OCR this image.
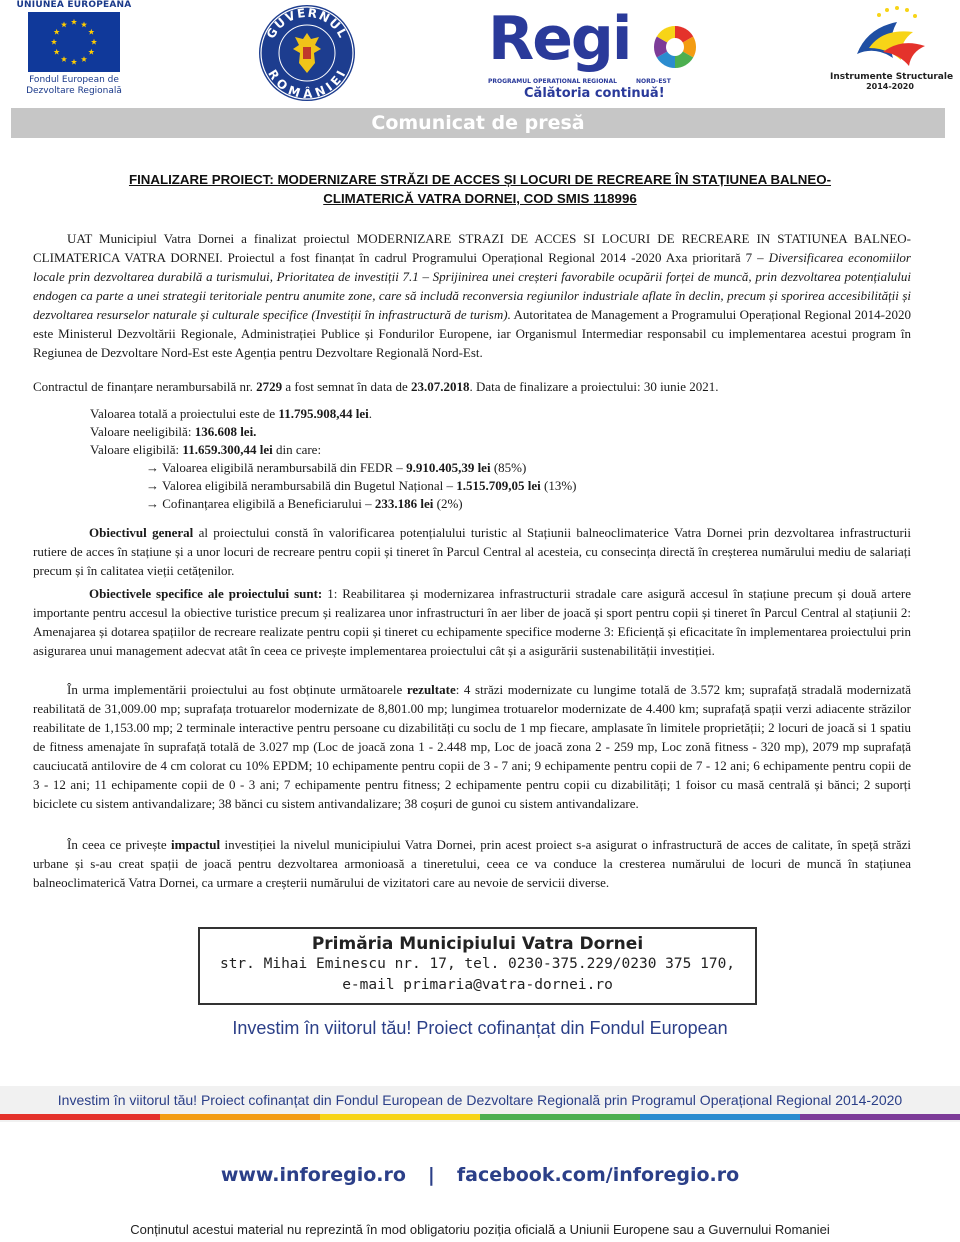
UNIUNEA EUROPEANĂ
Fondul European de
Dezvoltare Regională
GUVERNUL
ROMÂNIEI Regi
PROGRAMUL OPERAȚIONAL REGIONAL	NORD-EST
Călătoria continuă!
Instrumente Structurale
2014-2020
Comunicat de presă
FINALIZARE PROIECT: MODERNIZARE STRĂZI DE ACCES ȘI LOCURI DE RECREARE ÎN STAȚIUNEA BALNEO-
CLIMATERICĂ VATRA DORNEI, COD SMIS 118996
UAT Municipiul Vatra Dornei a finalizat proiectul MODERNIZARE STRAZI DE ACCES SI LOCURI DE RECREARE IN STATIUNEA BALNEO-CLIMATERICA VATRA DORNEI. Proiectul a fost finanțat în cadrul Programului Operațional Regional 2014 -2020 Axa prioritară 7 – Diversificarea economiilor locale prin dezvoltarea durabilă a turismului, Prioritatea de investiții 7.1 – Sprijinirea unei creșteri favorabile ocupării forței de muncă, prin dezvoltarea potențialului endogen ca parte a unei strategii teritoriale pentru anumite zone, care să includă reconversia regiunilor industriale aflate în declin, precum și sporirea accesibilității și dezvoltarea resurselor naturale și culturale specifice (Investiții în infrastructură de turism). Autoritatea de Management a Programului Operațional Regional 2014-2020 este Ministerul Dezvoltării Regionale, Administrației Publice și Fondurilor Europene, iar Organismul Intermediar responsabil cu implementarea acestui program în Regiunea de Dezvoltare Nord-Est este Agenția pentru Dezvoltare Regională Nord-Est.
Contractul de finanțare nerambursabilă nr. 2729 a fost semnat în data de 23.07.2018. Data de finalizare a proiectului: 30 iunie 2021.
Valoarea totală a proiectului este de 11.795.908,44 lei.
Valoare neeligibilă: 136.608 lei.
Valoare eligibilă: 11.659.300,44 lei din care:
→ Valoarea eligibilă nerambursabilă din FEDR – 9.910.405,39 lei (85%)
→ Valorea eligibilă nerambursabilă din Bugetul Național – 1.515.709,05 lei (13%)
→ Cofinanțarea eligibilă a Beneficiarului – 233.186 lei (2%)
Obiectivul general al proiectului constă în valorificarea potențialului turistic al Stațiunii balneoclimaterice Vatra Dornei prin dezvoltarea infrastructurii rutiere de acces în stațiune și a unor locuri de recreare pentru copii și tineret în Parcul Central al acesteia, cu consecința directă în creșterea numărului mediu de salariați precum și în calitatea vieții cetățenilor.
Obiectivele specifice ale proiectului sunt: 1: Reabilitarea și modernizarea infrastructurii stradale care asigură accesul în stațiune precum și două artere importante pentru accesul la obiective turistice precum și realizarea unor infrastructuri în aer liber de joacă și sport pentru copii și tineret în Parcul Central al stațiunii 2: Amenajarea și dotarea spațiilor de recreare realizate pentru copii și tineret cu echipamente specifice moderne 3: Eficiență și eficacitate în implementarea proiectului prin asigurarea unui management adecvat atât în ceea ce privește implementarea proiectului cât și a asigurării sustenabilității investiției.
În urma implementării proiectului au fost obținute următoarele rezultate: 4 străzi modernizate cu lungime totală de 3.572 km; suprafață stradală modernizată reabilitată de 31,009.00 mp; suprafața trotuarelor modernizate de 8,801.00 mp; lungimea trotuarelor modernizate de 4.400 km; suprafață spații verzi adiacente străzilor reabilitate de 1,153.00 mp; 2 terminale interactive pentru persoane cu dizabilități cu soclu de 1 mp fiecare, amplasate în limitele proprietății; 2 locuri de joacă si 1 spatiu de fitness amenajate în suprafață totală de 3.027 mp (Loc de joacă zona 1 - 2.448 mp, Loc de joacă zona 2 - 259 mp, Loc zonă fitness - 320 mp), 2079 mp suprafață cauciucată antilovire de 4 cm colorat cu 10% EPDM; 10 echipamente pentru copii de 3 - 7 ani; 9 echipamente pentru copii de 7 - 12 ani; 6 echipamente pentru copii de 3 - 12 ani; 11 echipamente copii de 0 - 3 ani; 7 echipamente pentru fitness; 2 echipamente pentru copii cu dizabilități; 1 foisor cu masă centrală și bănci; 2 suporți biciclete cu sistem antivandalizare; 38 bănci cu sistem antivandalizare; 38 coșuri de gunoi cu sistem antivandalizare.
În ceea ce privește impactul investiției la nivelul municipiului Vatra Dornei, prin acest proiect s-a asigurat o infrastructură de acces de calitate, în speță străzi urbane și s-au creat spații de joacă pentru dezvoltarea armonioasă a tineretului, ceea ce va conduce la cresterea numărului de locuri de muncă în stațiunea balneoclimaterică Vatra Dornei, ca urmare a creșterii numărului de vizitatori care au nevoie de servicii diverse.
Primăria Municipiului Vatra Dornei
str. Mihai Eminescu nr. 17, tel. 0230-375.229/0230 375 170,
e-mail primaria@vatra-dornei.ro
Investim în viitorul tău! Proiect cofinanțat din Fondul European
Investim în viitorul tău! Proiect cofinanțat din Fondul European de Dezvoltare Regională prin Programul Operațional Regional 2014-2020
www.inforegio.ro | facebook.com/inforegio.ro
Conținutul acestui material nu reprezintă în mod obligatoriu poziția oficială a Uniunii Europene sau a Guvernului Romaniei
